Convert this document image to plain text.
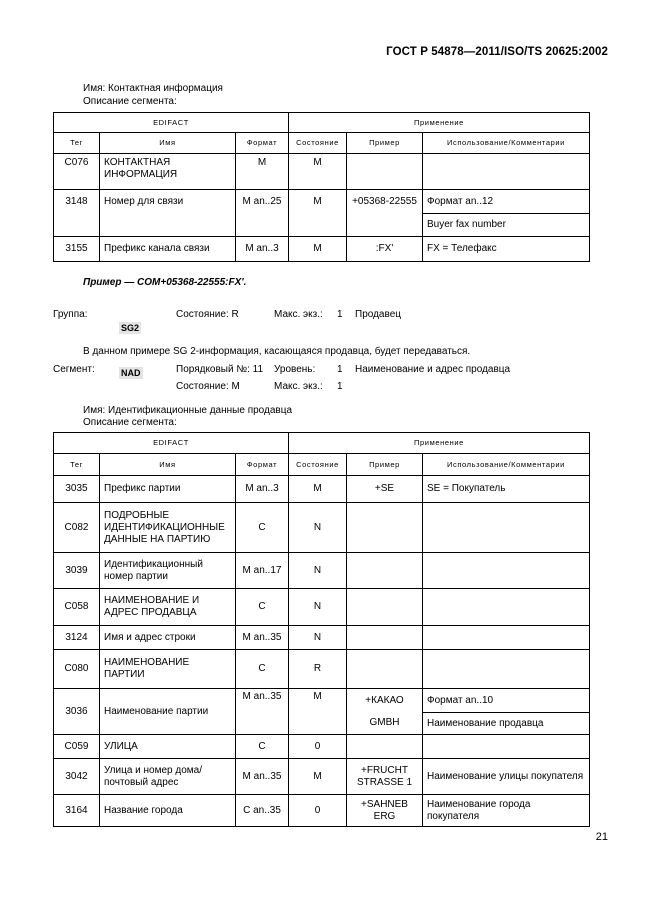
ГОСТ Р 54878—2011/ISO/TS 20625:2002
Имя: Контактная информация
Описание сегмента:
EDIFACT			Применение		
Тег	Имя	Формат	Состояние	Пример	Использование/Комментарии
C076	КОНТАКТНАЯ ИНФОРМАЦИЯ	М	М		
3148	Номер для связи	М an..25	М	+05368-22555	Формат an..12
					Buyer fax number
3155	Префикс канала связи	М an..3	М	:FX'	FX = Телефакс
Пример — COM+05368-22555:FX'.
Группа:
SG2
Состояние: R	Макс. экз.: 1 Продавец
В данном примере SG 2-информация, касающаяся продавца, будет передаваться.
Сегмент:	NAD	Порядковый №: 11 Уровень: 1 Наименование и адрес продавца
Состояние: М	Макс. экз.: 1
Имя: Идентификационные данные продавца
Описание сегмента:
EDIFACT			Применение		
Тег	Имя	Формат	Состояние	Пример	Использование/Комментарии
3035	Префикс партии	М an..3	М	+SE	SE = Покупатель
C082	ПОДРОБНЫЕ ИДЕНТИФИКАЦИОННЫЕ ДАННЫЕ НА ПАРТИЮ	С	N		
3039	Идентификационный номер партии	М an..17	N		
C058	НАИМЕНОВАНИЕ И АДРЕС ПРОДАВЦА	С	N		
3124	Имя и адрес строки	М an..35	N		
C080	НАИМЕНОВАНИЕ ПАРТИИ	С	R		
3036	Наименование партии	М an..35	М	+КАКАО	Формат an..10
				GMBH	Наименование продавца
C059	УЛИЦА	С	0		
3042	Улица и номер дома/почтовый адрес	М an..35	М	+FRUCHT STRASSE 1	Наименование улицы покупателя
3164	Название города	С an..35	0	+SAHNEB ERG	Наименование города покупателя
21
